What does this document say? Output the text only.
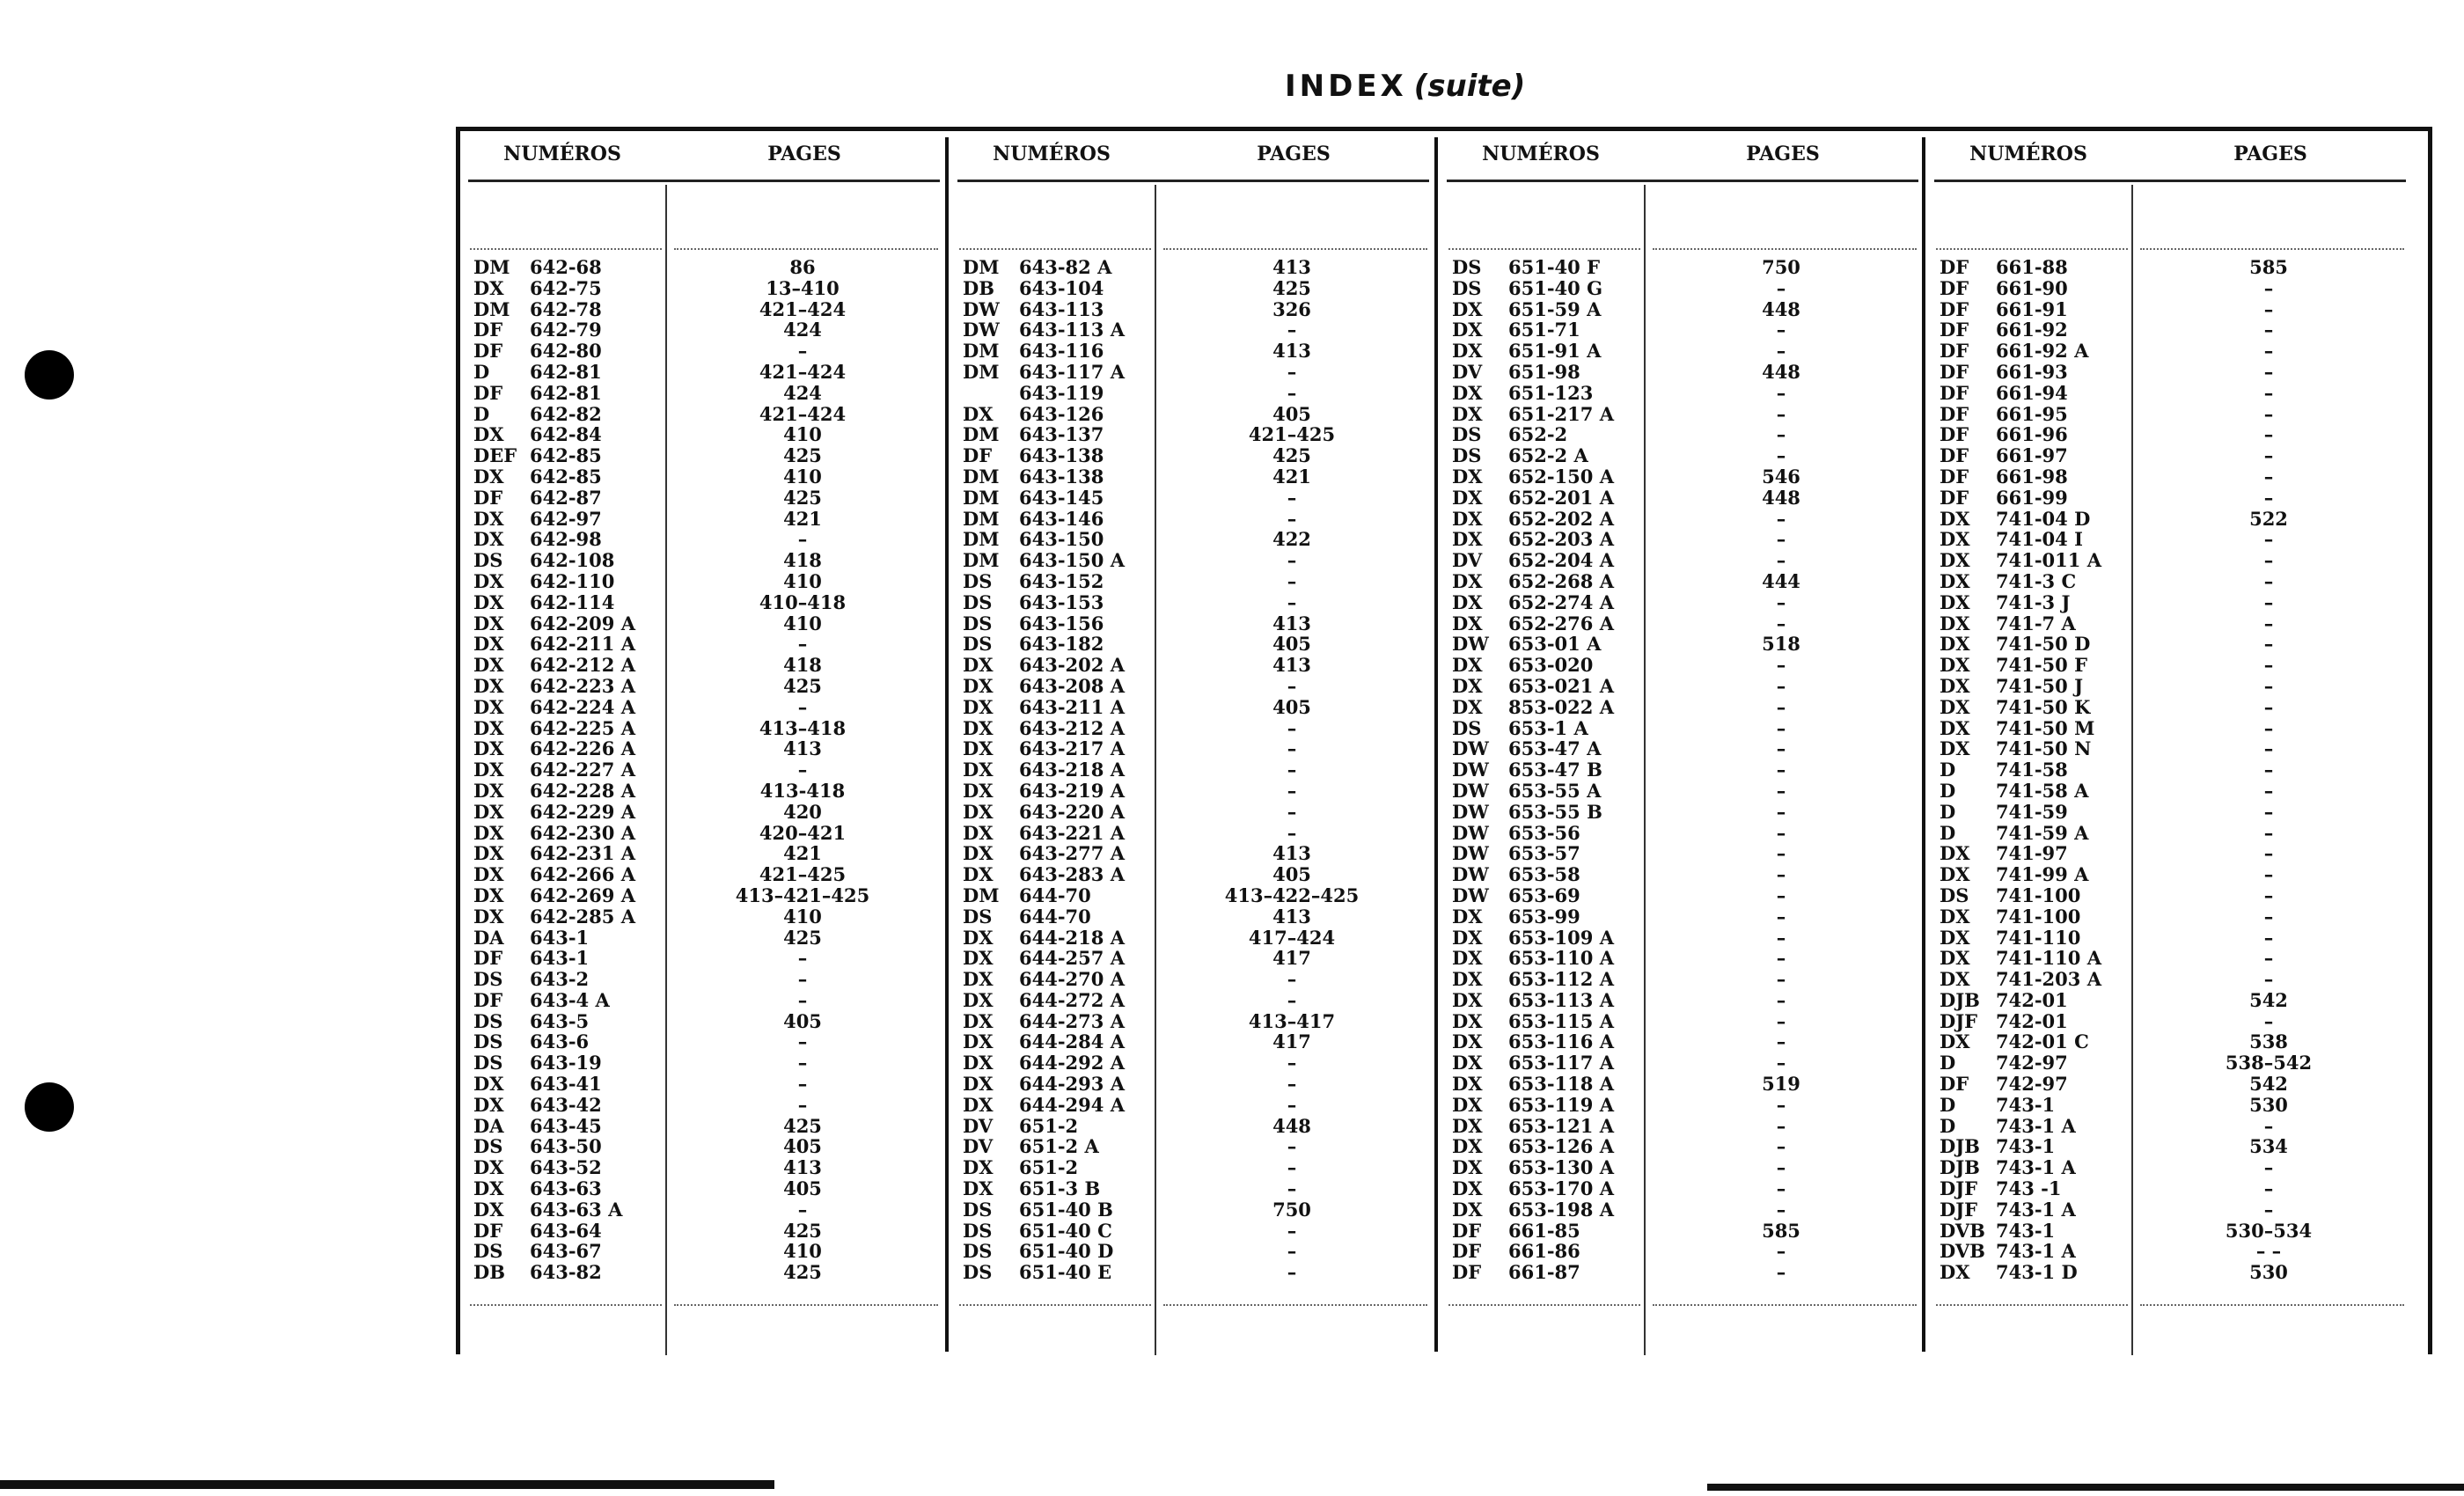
INDEX (suite)
NUMÉROS	PAGES
DM 642-68	86
DX 642-75	13–410
DM 642-78	421–424
DF 642-79	424
DF 642-80	–
D 642-81	421–424
DF 642-81	424
D 642-82	421–424
DX 642-84	410
DEF 642-85	425
DX 642-85	410
DF 642-87	425
DX 642-97	421
DX 642-98	–
DS 642-108	418
DX 642-110	410
DX 642-114	410–418
DX 642-209 A	410
DX 642-211 A	–
DX 642-212 A	418
DX 642-223 A	425
DX 642-224 A	–
DX 642-225 A	413–418
DX 642-226 A	413
DX 642-227 A	–
DX 642-228 A	413-418
DX 642-229 A	420
DX 642-230 A	420–421
DX 642-231 A	421
DX 642-266 A	421–425
DX 642-269 A	413–421–425
DX 642-285 A	410
DA 643-1	425
DF 643-1	–
DS 643-2	–
DF 643-4 A	–
DS 643-5	405
DS 643-6	–
DS 643-19	–
DX 643-41	–
DX 643-42	–
DA 643-45	425
DS 643-50	405
DX 643-52	413
DX 643-63	405
DX 643-63 A	–
DF 643-64	425
DS 643-67	410
DB 643-82	425
NUMÉROS	PAGES
DM 643-82 A	413
DB 643-104	425
DW 643-113	326
DW 643-113 A	–
DM 643-116	413
DM 643-117 A	–
643-119	–
DX 643-126	405
DM 643-137	421–425
DF 643-138	425
DM 643-138	421
DM 643-145	–
DM 643-146	–
DM 643-150	422
DM 643-150 A	–
DS 643-152	–
DS 643-153	–
DS 643-156	413
DS 643-182	405
DX 643-202 A	413
DX 643-208 A	–
DX 643-211 A	405
DX 643-212 A	–
DX 643-217 A	–
DX 643-218 A	–
DX 643-219 A	–
DX 643-220 A	–
DX 643-221 A	–
DX 643-277 A	413
DX 643-283 A	405
DM 644-70	413–422–425
DS 644-70	413
DX 644-218 A	417–424
DX 644-257 A	417
DX 644-270 A	–
DX 644-272 A	–
DX 644-273 A	413–417
DX 644-284 A	417
DX 644-292 A	–
DX 644-293 A	–
DX 644-294 A	–
DV 651-2	448
DV 651-2 A	–
DX 651-2	–
DX 651-3 B	–
DS 651-40 B	750
DS 651-40 C	–
DS 651-40 D	–
DS 651-40 E	–
NUMÉROS	PAGES
DS 651-40 F	750
DS 651-40 G	–
DX 651-59 A	448
DX 651-71	–
DX 651-91 A	–
DV 651-98	448
DX 651-123	–
DX 651-217 A	–
DS 652-2	–
DS 652-2 A	–
DX 652-150 A	546
DX 652-201 A	448
DX 652-202 A	–
DX 652-203 A	–
DV 652-204 A	–
DX 652-268 A	444
DX 652-274 A	–
DX 652-276 A	–
DW 653-01 A	518
DX 653-020	–
DX 653-021 A	–
DX 853-022 A	–
DS 653-1 A	–
DW 653-47 A	–
DW 653-47 B	–
DW 653-55 A	–
DW 653-55 B	–
DW 653-56	–
DW 653-57	–
DW 653-58	–
DW 653-69	–
DX 653-99	–
DX 653-109 A	–
DX 653-110 A	–
DX 653-112 A	–
DX 653-113 A	–
DX 653-115 A	–
DX 653-116 A	–
DX 653-117 A	–
DX 653-118 A	519
DX 653-119 A	–
DX 653-121 A	–
DX 653-126 A	–
DX 653-130 A	–
DX 653-170 A	–
DX 653-198 A	–
DF 661-85	585
DF 661-86	–
DF 661-87	–
NUMÉROS	PAGES
DF 661-88	585
DF 661-90	–
DF 661-91	–
DF 661-92	–
DF 661-92 A	–
DF 661-93	–
DF 661-94	–
DF 661-95	–
DF 661-96	–
DF 661-97	–
DF 661-98	–
DF 661-99	–
DX 741-04 D	522
DX 741-04 I	–
DX 741-011 A	–
DX 741-3 C	–
DX 741-3 J	–
DX 741-7 A	–
DX 741-50 D	–
DX 741-50 F	–
DX 741-50 J	–
DX 741-50 K	–
DX 741-50 M	–
DX 741-50 N	–
D 741-58	–
D 741-58 A	–
D 741-59	–
D 741-59 A	–
DX 741-97	–
DX 741-99 A	–
DS 741-100	–
DX 741-100	–
DX 741-110	–
DX 741-110 A	–
DX 741-203 A	–
DJB 742-01	542
DJF 742-01	–
DX 742-01 C	538
D 742-97	538–542
DF 742-97	542
D 743-1	530
D 743-1 A	–
DJB 743-1	534
DJB 743-1 A	–
DJF 743 -1	–
DJF 743-1 A	–
DVB 743-1	530–534
DVB 743-1 A	– –
DX 743-1 D	530
